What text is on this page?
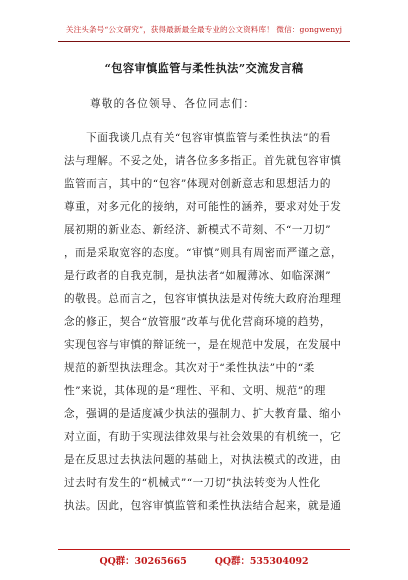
关注头条号“公文研究”，获得最新最全最专业的公文资料库！ 微信：gongwenyj
“包容审慎监管与柔性执法”交流发言稿
尊敬的各位领导、各位同志们：
　　下面我谈几点有关“包容审慎监管与柔性执法”的看
法与理解。不妥之处，请各位多多指正。首先就包容审慎
监管而言，其中的“包容”体现对创新意志和思想活力的
尊重，对多元化的接纳，对可能性的涵养，要求对处于发
展初期的新业态、新经济、新模式不苛刻、不“一刀切”
，而是采取宽容的态度。“审慎”则具有周密而严谨之意，
是行政者的自我克制，是执法者“如履薄冰、如临深渊”
的敬畏。总而言之，包容审慎执法是对传统大政府治理理
念的修正，契合“放管服”改革与优化营商环境的趋势，
实现包容与审慎的辩证统一，是在规范中发展，在发展中
规范的新型执法理念。其次对于“柔性执法”中的“柔
性”来说，其体现的是“理性、平和、文明、规范”的理
念，强调的是适度减少执法的强制力、扩大教育量、缩小
对立面，有助于实现法律效果与社会效果的有机统一，它
是在反思过去执法问题的基础上，对执法模式的改进，由
过去时有发生的“机械式”“一刀切”执法转变为人性化
执法。因此，包容审慎监管和柔性执法结合起来，就是通
QQ群：30265665	QQ群：535304092
